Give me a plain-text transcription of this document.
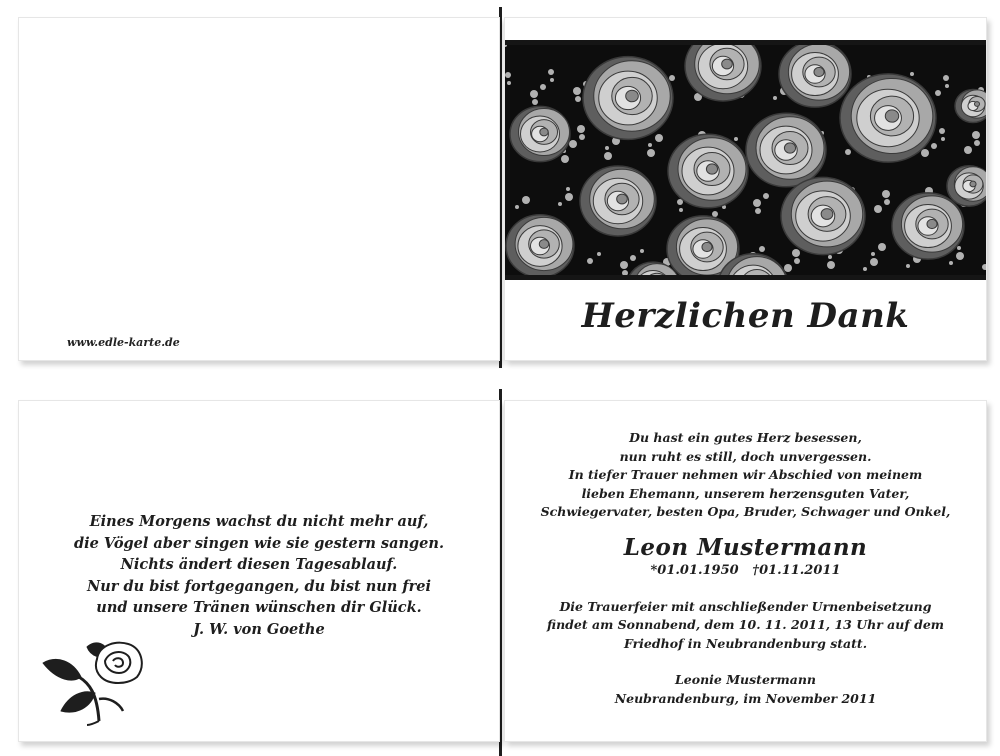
www.edle-karte.de
Herzlichen Dank
Eines Morgens wachst du nicht mehr auf,
die Vögel aber singen wie sie gestern sangen.
Nichts ändert diesen Tagesablauf.
Nur du bist fortgegangen, du bist nun frei
und unsere Tränen wünschen dir Glück.
J. W. von Goethe
Du hast ein gutes Herz besessen,
nun ruht es still, doch unvergessen.
In tiefer Trauer nehmen wir Abschied von meinem
lieben Ehemann, unserem herzensguten Vater,
Schwiegervater, besten Opa, Bruder, Schwager und Onkel,
Leon Mustermann
*01.01.1950   †01.11.2011
Die Trauerfeier mit anschließender Urnenbeisetzung
findet am Sonnabend, dem 10. 11. 2011, 13 Uhr auf dem
Friedhof in Neubrandenburg statt.
Leonie Mustermann
Neubrandenburg, im November 2011
